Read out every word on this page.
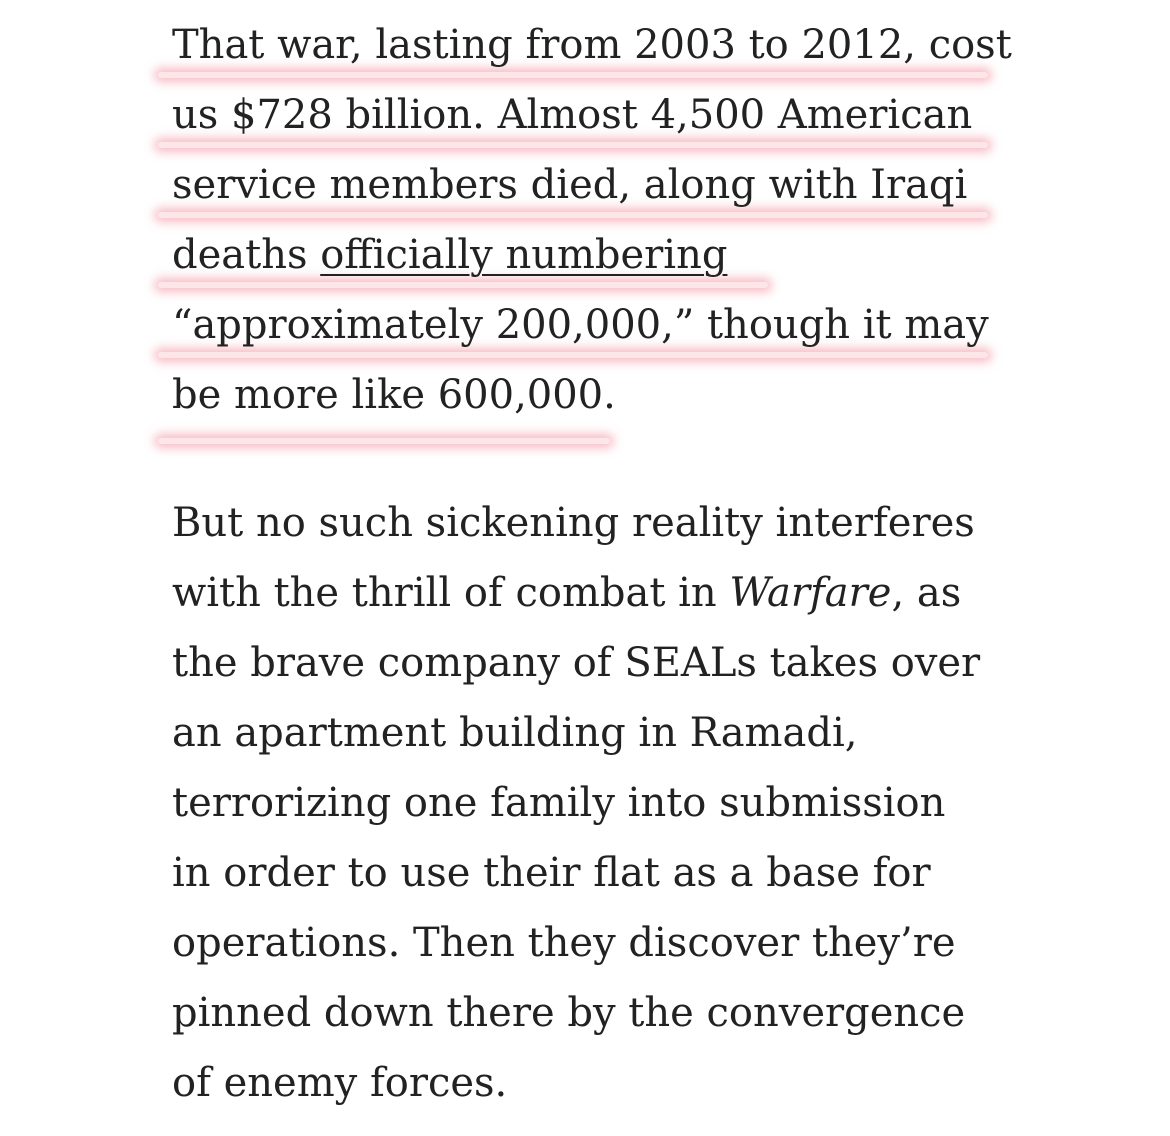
That war, lasting from 2003 to 2012, cost
us $728 billion. Almost 4,500 American
service members died, along with Iraqi
deaths officially numbering
“approximately 200,000,” though it may
be more like 600,000.
But no such sickening reality interferes
with the thrill of combat in Warfare, as
the brave company of SEALs takes over
an apartment building in Ramadi,
terrorizing one family into submission
in order to use their flat as a base for
operations. Then they discover they’re
pinned down there by the convergence
of enemy forces.
